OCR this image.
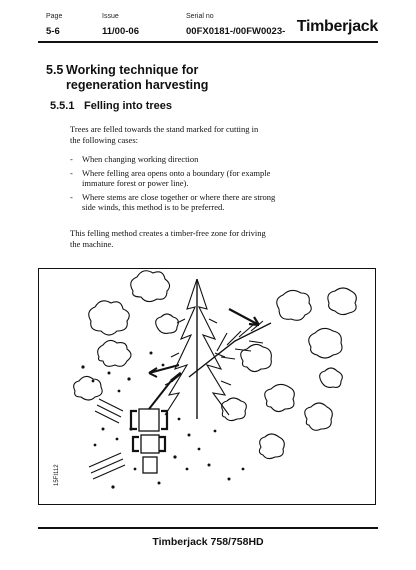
Page	Issue	Serial no
5-6	11/00-06	00FX0181-/00FW0023- Timberjack
5.5 Working technique for regeneration harvesting
5.5.1 Felling into trees
Trees are felled towards the stand marked for cutting in the following cases:
- When changing working direction
- Where felling area opens onto a boundary (for example immature forest or power line).
- Where stems are close together or where there are strong side winds, this method is to be preferred.
This felling method creates a timber-free zone for driving the machine.
15FI112
Timberjack 758/758HD
